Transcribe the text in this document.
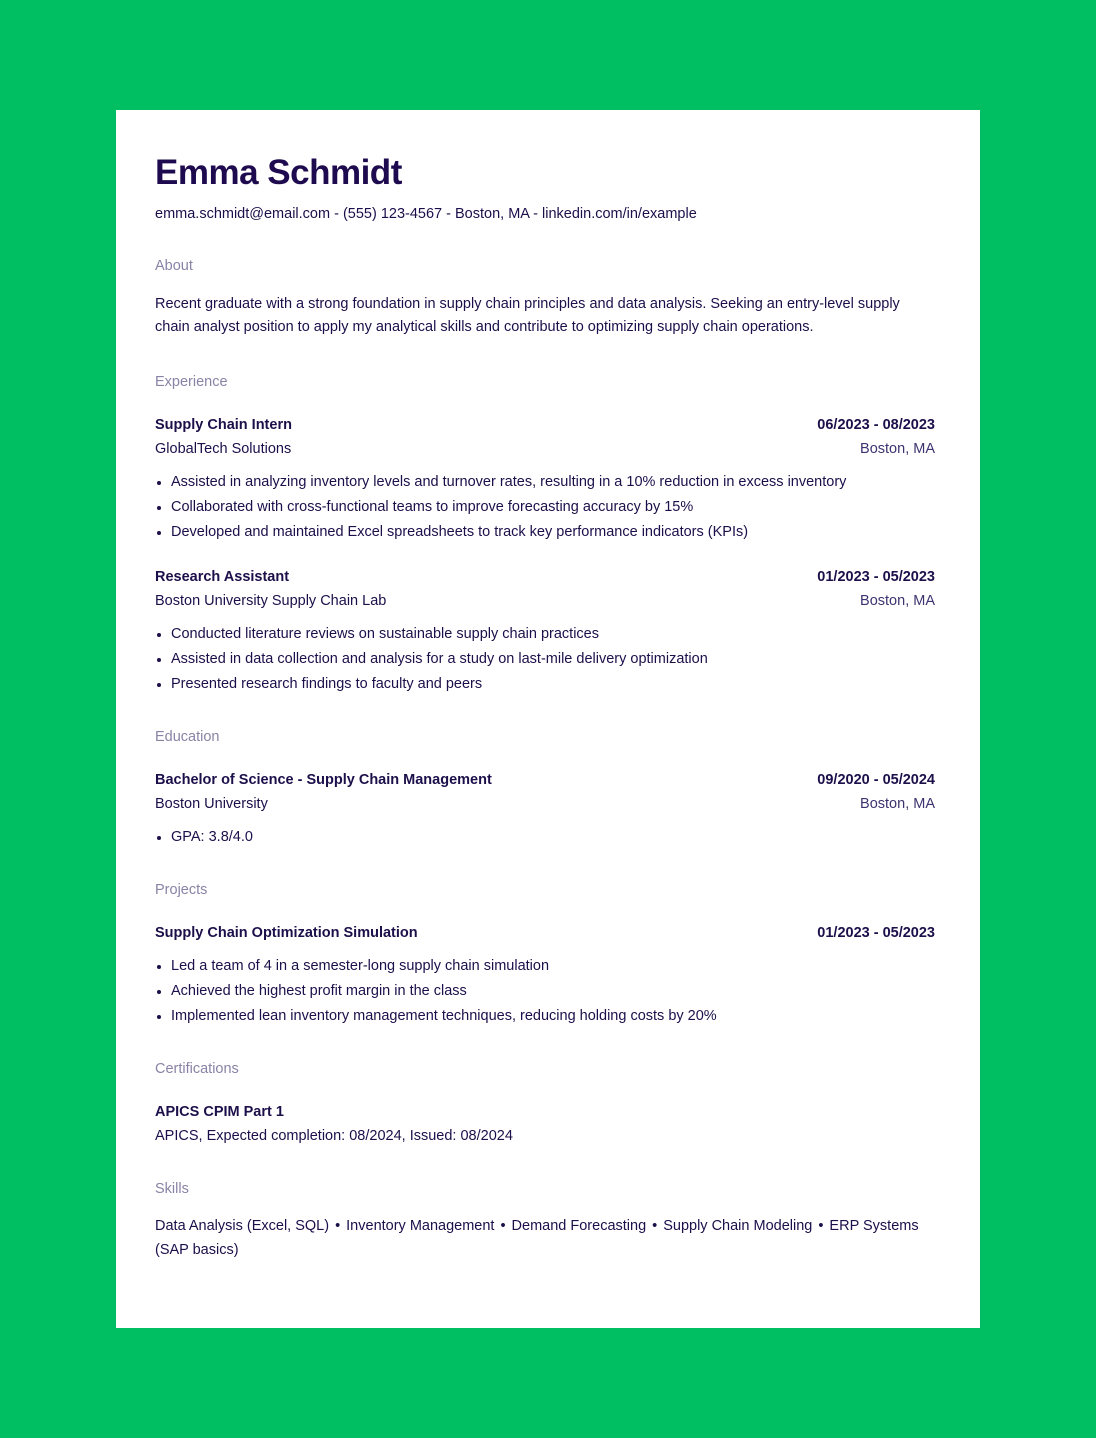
Emma Schmidt
emma.schmidt@email.com - (555) 123-4567 - Boston, MA - linkedin.com/in/example
About
Recent graduate with a strong foundation in supply chain principles and data analysis. Seeking an entry-level supply chain analyst position to apply my analytical skills and contribute to optimizing supply chain operations.
Experience
Supply Chain Intern	06/2023 - 08/2023
GlobalTech Solutions	Boston, MA
• Assisted in analyzing inventory levels and turnover rates, resulting in a 10% reduction in excess inventory
• Collaborated with cross-functional teams to improve forecasting accuracy by 15%
• Developed and maintained Excel spreadsheets to track key performance indicators (KPIs)
Research Assistant	01/2023 - 05/2023
Boston University Supply Chain Lab	Boston, MA
• Conducted literature reviews on sustainable supply chain practices
• Assisted in data collection and analysis for a study on last-mile delivery optimization
• Presented research findings to faculty and peers
Education
Bachelor of Science - Supply Chain Management	09/2020 - 05/2024
Boston University	Boston, MA
• GPA: 3.8/4.0
Projects
Supply Chain Optimization Simulation	01/2023 - 05/2023
• Led a team of 4 in a semester-long supply chain simulation
• Achieved the highest profit margin in the class
• Implemented lean inventory management techniques, reducing holding costs by 20%
Certifications
APICS CPIM Part 1
APICS, Expected completion: 08/2024, Issued: 08/2024
Skills
Data Analysis (Excel, SQL) • Inventory Management • Demand Forecasting • Supply Chain Modeling • ERP Systems (SAP basics)
